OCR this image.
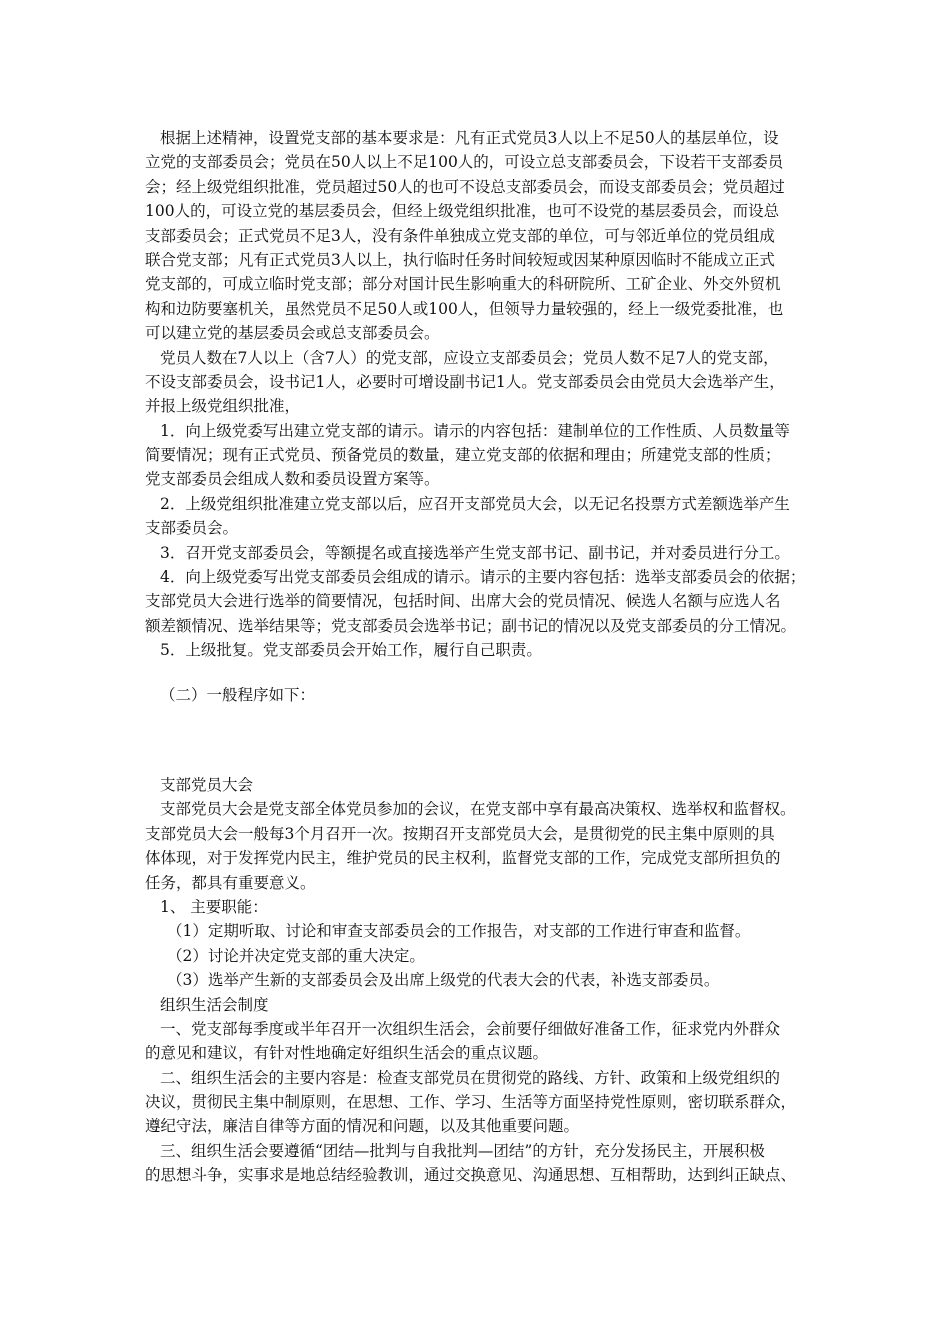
根据上述精神，设置党支部的基本要求是：凡有正式党员3人以上不足50人的基层单位，设
立党的支部委员会；党员在50人以上不足100人的，可设立总支部委员会，下设若干支部委员
会；经上级党组织批准，党员超过50人的也可不设总支部委员会，而设支部委员会；党员超过
100人的，可设立党的基层委员会，但经上级党组织批准，也可不设党的基层委员会，而设总
支部委员会；正式党员不足3人，没有条件单独成立党支部的单位，可与邻近单位的党员组成
联合党支部；凡有正式党员3人以上，执行临时任务时间较短或因某种原因临时不能成立正式
党支部的，可成立临时党支部；部分对国计民生影响重大的科研院所、工矿企业、外交外贸机
构和边防要塞机关，虽然党员不足50人或100人，但领导力量较强的，经上一级党委批准，也
可以建立党的基层委员会或总支部委员会。
党员人数在7人以上（含7人）的党支部，应设立支部委员会；党员人数不足7人的党支部，
不设支部委员会，设书记1人，必要时可增设副书记1人。党支部委员会由党员大会选举产生，
并报上级党组织批准，
1．向上级党委写出建立党支部的请示。请示的内容包括：建制单位的工作性质、人员数量等
简要情况；现有正式党员、预备党员的数量，建立党支部的依据和理由；所建党支部的性质；
党支部委员会组成人数和委员设置方案等。
2．上级党组织批准建立党支部以后，应召开支部党员大会，以无记名投票方式差额选举产生
支部委员会。
3．召开党支部委员会，等额提名或直接选举产生党支部书记、副书记，并对委员进行分工。
4．向上级党委写出党支部委员会组成的请示。请示的主要内容包括：选举支部委员会的依据；
支部党员大会进行选举的简要情况，包括时间、出席大会的党员情况、候选人名额与应选人名
额差额情况、选举结果等；党支部委员会选举书记；副书记的情况以及党支部委员的分工情况。
5．上级批复。党支部委员会开始工作，履行自己职责。
（二）一般程序如下：
支部党员大会
支部党员大会是党支部全体党员参加的会议，在党支部中享有最高决策权、选举权和监督权。
支部党员大会一般每3个月召开一次。按期召开支部党员大会，是贯彻党的民主集中原则的具
体体现，对于发挥党内民主，维护党员的民主权利，监督党支部的工作，完成党支部所担负的
任务，都具有重要意义。
1、 主要职能：
（1）定期听取、讨论和审查支部委员会的工作报告，对支部的工作进行审查和监督。
（2）讨论并决定党支部的重大决定。
（3）选举产生新的支部委员会及出席上级党的代表大会的代表，补选支部委员。
组织生活会制度
一、党支部每季度或半年召开一次组织生活会，会前要仔细做好准备工作，征求党内外群众
的意见和建议，有针对性地确定好组织生活会的重点议题。
二、组织生活会的主要内容是：检查支部党员在贯彻党的路线、方针、政策和上级党组织的
决议，贯彻民主集中制原则，在思想、工作、学习、生活等方面坚持党性原则，密切联系群众，
遵纪守法，廉洁自律等方面的情况和问题，以及其他重要问题。
三、组织生活会要遵循“团结—批判与自我批判—团结”的方针，充分发扬民主，开展积极
的思想斗争，实事求是地总结经验教训，通过交换意见、沟通思想、互相帮助，达到纠正缺点、
